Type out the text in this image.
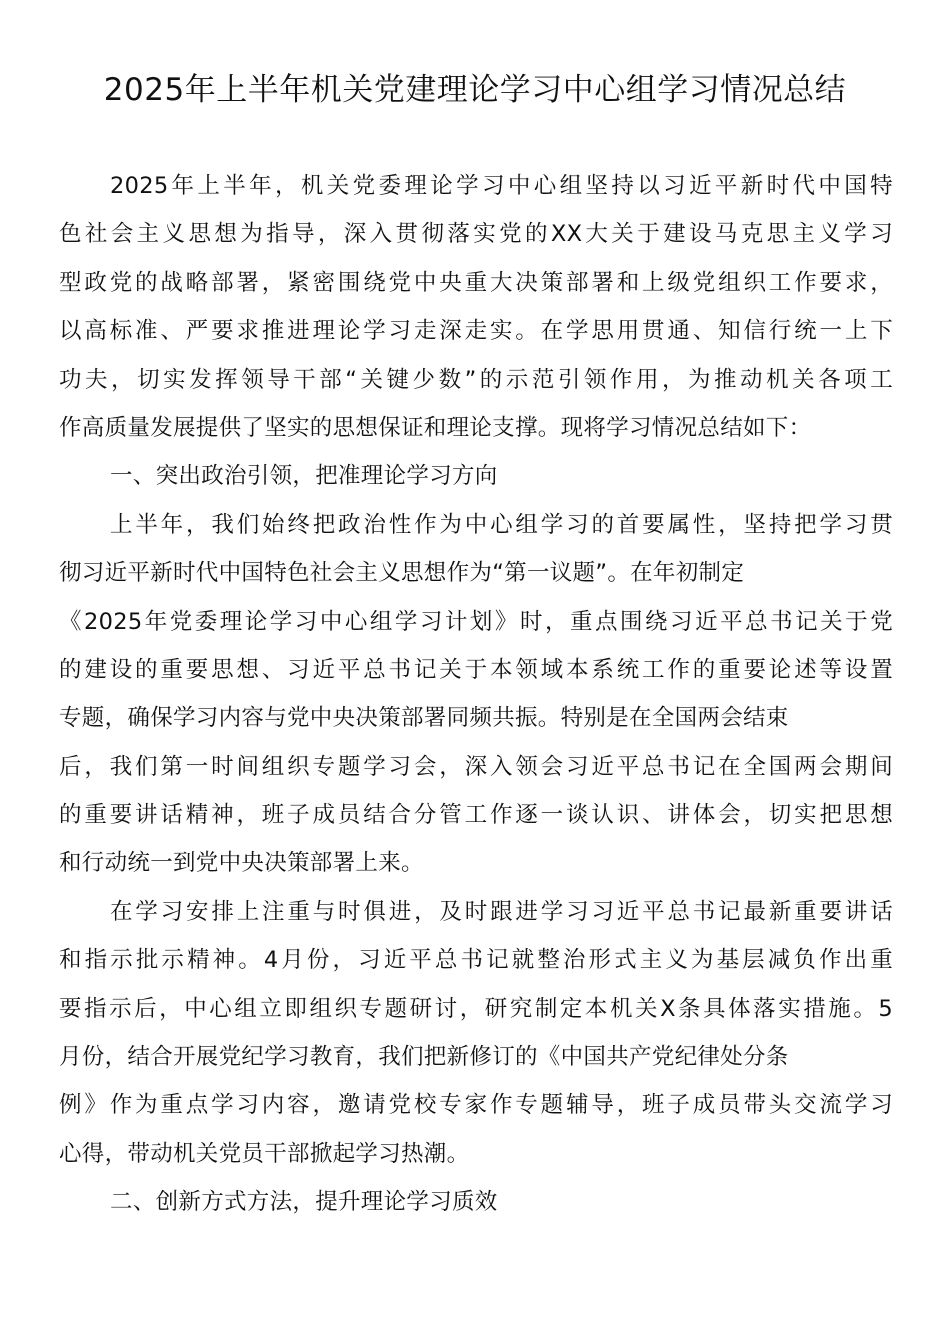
2025年上半年机关党建理论学习中心组学习情况总结
2025年上半年，机关党委理论学习中心组坚持以习近平新时代中国特
色社会主义思想为指导，深入贯彻落实党的XX大关于建设马克思主义学习
型政党的战略部署，紧密围绕党中央重大决策部署和上级党组织工作要求，
以高标准、严要求推进理论学习走深走实。在学思用贯通、知信行统一上下
功夫，切实发挥领导干部“关键少数”的示范引领作用，为推动机关各项工
作高质量发展提供了坚实的思想保证和理论支撑。现将学习情况总结如下：
一、突出政治引领，把准理论学习方向
上半年，我们始终把政治性作为中心组学习的首要属性，坚持把学习贯
彻习近平新时代中国特色社会主义思想作为“第一议题”。在年初制定
《2025年党委理论学习中心组学习计划》时，重点围绕习近平总书记关于党
的建设的重要思想、习近平总书记关于本领域本系统工作的重要论述等设置
专题，确保学习内容与党中央决策部署同频共振。特别是在全国两会结束
后，我们第一时间组织专题学习会，深入领会习近平总书记在全国两会期间
的重要讲话精神，班子成员结合分管工作逐一谈认识、讲体会，切实把思想
和行动统一到党中央决策部署上来。
在学习安排上注重与时俱进，及时跟进学习习近平总书记最新重要讲话
和指示批示精神。4月份，习近平总书记就整治形式主义为基层减负作出重
要指示后，中心组立即组织专题研讨，研究制定本机关X条具体落实措施。5
月份，结合开展党纪学习教育，我们把新修订的《中国共产党纪律处分条
例》作为重点学习内容，邀请党校专家作专题辅导，班子成员带头交流学习
心得，带动机关党员干部掀起学习热潮。
二、创新方式方法，提升理论学习质效
